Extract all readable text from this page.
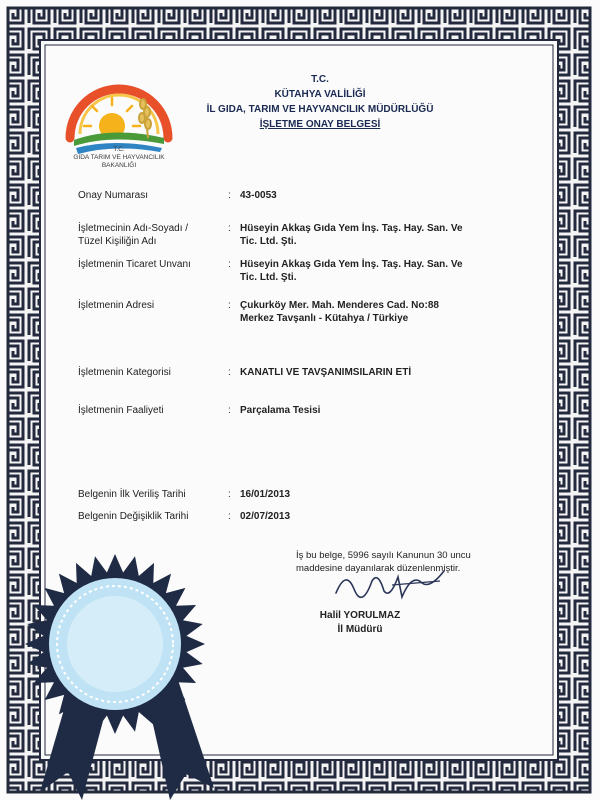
T.C.
GIDA TARIM VE HAYVANCILIK
BAKANLIĞI
T.C.
KÜTAHYA VALİLİĞİ
İL GIDA, TARIM VE HAYVANCILIK MÜDÜRLÜĞÜ
İŞLETME ONAY BELGESİ
Onay Numarası	: 43-0053
İşletmecinin Adı-Soyadı /
Tüzel Kişiliğin Adı
: Hüseyin Akkaş Gıda Yem İnş. Taş. Hay. San. Ve
Tic. Ltd. Şti.
İşletmenin Ticaret Unvanı	: Hüseyin Akkaş Gıda Yem İnş. Taş. Hay. San. Ve
Tic. Ltd. Şti.
İşletmenin Adresi	: Çukurköy Mer. Mah. Menderes Cad. No:88
Merkez Tavşanlı - Kütahya / Türkiye
İşletmenin Kategorisi	: KANATLI VE TAVŞANIMSILARIN ETİ
İşletmenin Faaliyeti	: Parçalama Tesisi
Belgenin İlk Veriliş Tarihi	: 16/01/2013
Belgenin Değişiklik Tarihi	: 02/07/2013
İş bu belge, 5996 sayılı Kanunun 30 uncu
maddesine dayanılarak düzenlenmiştir.
Halil YORULMAZ
İl Müdürü
